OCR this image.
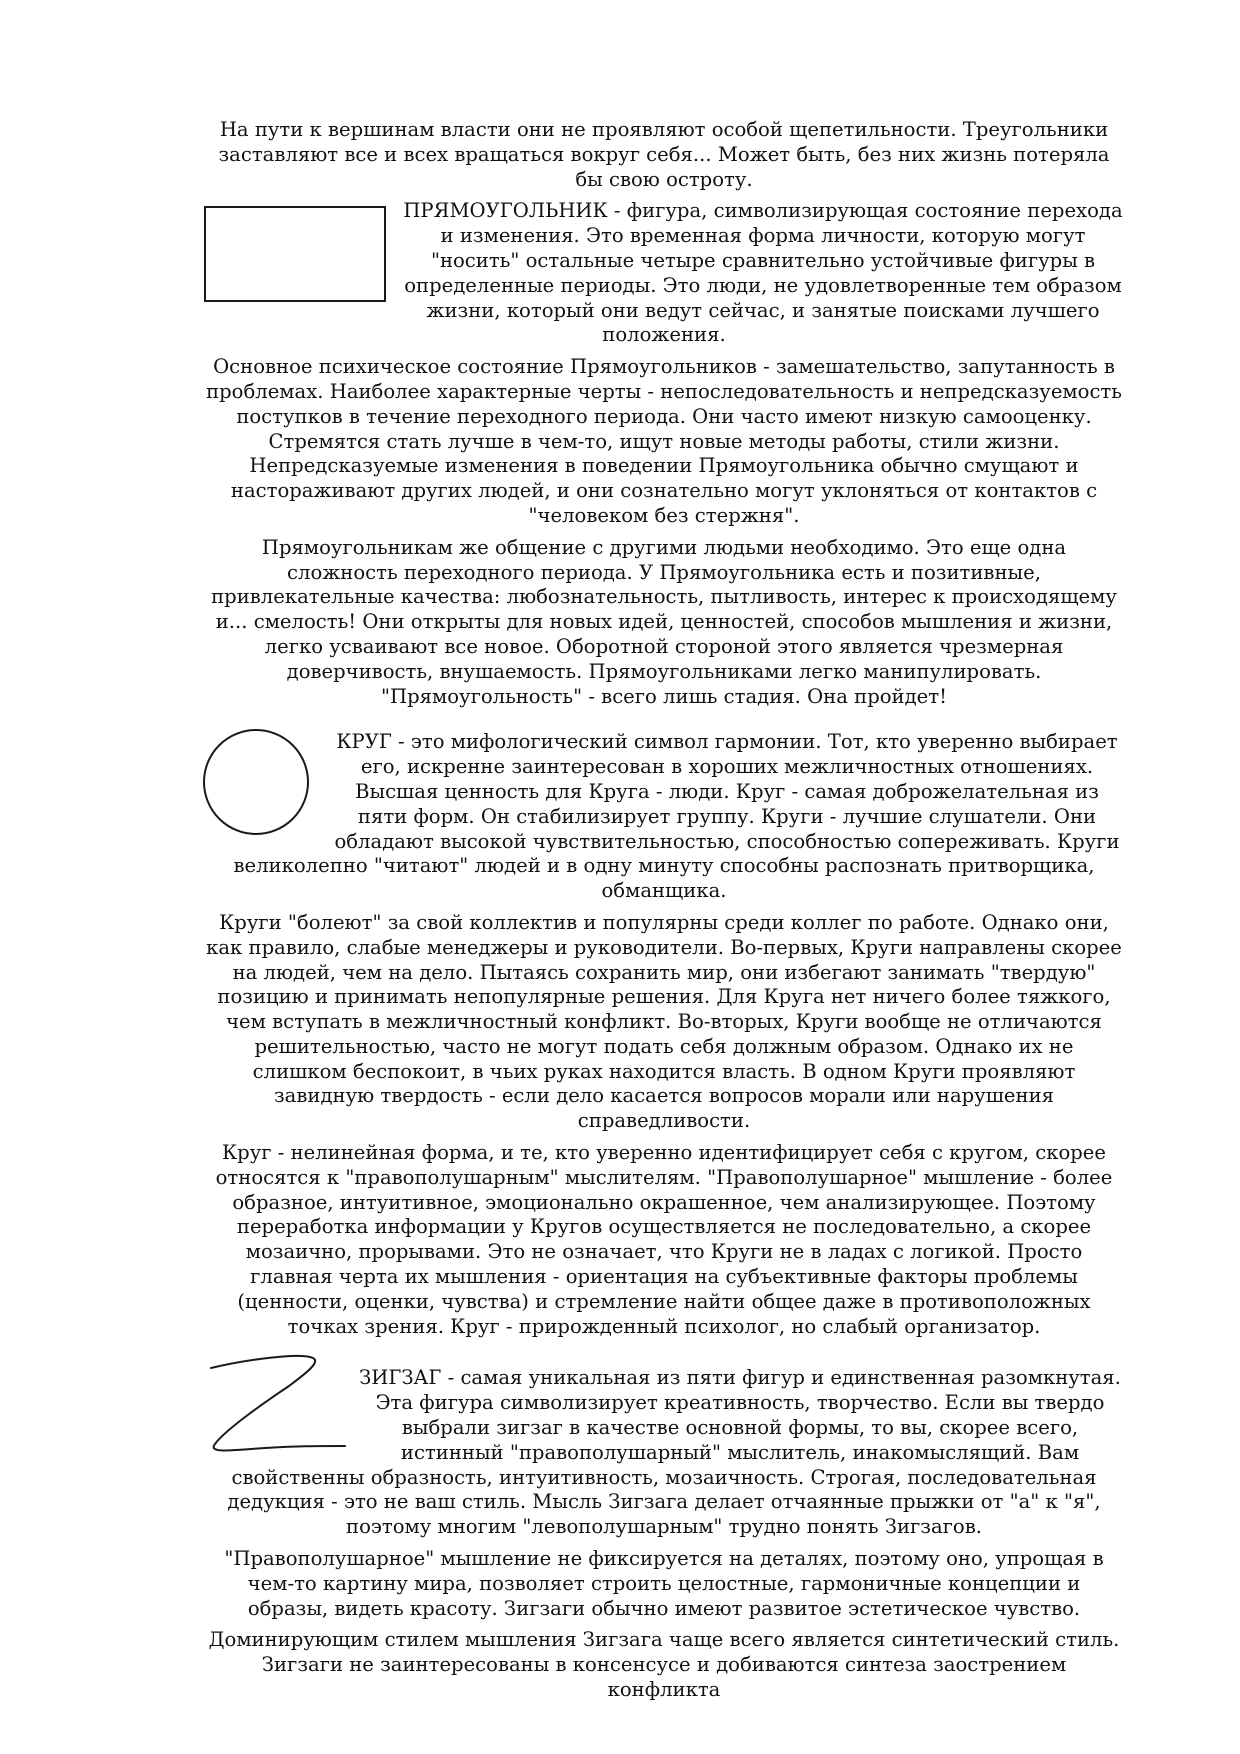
На пути к вершинам власти они не проявляют особой щепетильности. Треугольники заставляют все и всех вращаться вокруг себя... Может быть, без них жизнь потеряла бы свою остроту.

ПРЯМОУГОЛЬНИК - фигура, символизирующая состояние перехода и изменения. Это временная форма личности, которую могут "носить" остальные четыре сравнительно устойчивые фигуры в определенные периоды. Это люди, не удовлетворенные тем образом жизни, который они ведут сейчас, и занятые поисками лучшего положения.

Основное психическое состояние Прямоугольников - замешательство, запутанность в проблемах. Наиболее характерные черты - непоследовательность и непредсказуемость поступков в течение переходного периода. Они часто имеют низкую самооценку. Стремятся стать лучше в чем-то, ищут новые методы работы, стили жизни. Непредсказуемые изменения в поведении Прямоугольника обычно смущают и настораживают других людей, и они сознательно могут уклоняться от контактов с "человеком без стержня".

Прямоугольникам же общение с другими людьми необходимо. Это еще одна сложность переходного периода. У Прямоугольника есть и позитивные, привлекательные качества: любознательность, пытливость, интерес к происходящему и... смелость! Они открыты для новых идей, ценностей, способов мышления и жизни, легко усваивают все новое. Оборотной стороной этого является чрезмерная доверчивость, внушаемость. Прямоугольниками легко манипулировать. "Прямоугольность" - всего лишь стадия. Она пройдет!

КРУГ - это мифологический символ гармонии. Тот, кто уверенно выбирает его, искренне заинтересован в хороших межличностных отношениях. Высшая ценность для Круга - люди. Круг - самая доброжелательная из пяти форм. Он стабилизирует группу. Круги - лучшие слушатели. Они обладают высокой чувствительностью, способностью сопереживать. Круги великолепно "читают" людей и в одну минуту способны распознать притворщика, обманщика.

Круги "болеют" за свой коллектив и популярны среди коллег по работе. Однако они, как правило, слабые менеджеры и руководители. Во-первых, Круги направлены скорее на людей, чем на дело. Пытаясь сохранить мир, они избегают занимать "твердую" позицию и принимать непопулярные решения. Для Круга нет ничего более тяжкого, чем вступать в межличностный конфликт. Во-вторых, Круги вообще не отличаются решительностью, часто не могут подать себя должным образом. Однако их не слишком беспокоит, в чьих руках находится власть. В одном Круги проявляют завидную твердость - если дело касается вопросов морали или нарушения справедливости.

Круг - нелинейная форма, и те, кто уверенно идентифицирует себя с кругом, скорее относятся к "правополушарным" мыслителям. "Правополушарное" мышление - более образное, интуитивное, эмоционально окрашенное, чем анализирующее. Поэтому переработка информации у Кругов осуществляется не последовательно, а скорее мозаично, прорывами. Это не означает, что Круги не в ладах с логикой. Просто главная черта их мышления - ориентация на субъективные факторы проблемы (ценности, оценки, чувства) и стремление найти общее даже в противоположных точках зрения. Круг - прирожденный психолог, но слабый организатор.

ЗИГЗАГ - самая уникальная из пяти фигур и единственная разомкнутая. Эта фигура символизирует креативность, творчество. Если вы твердо выбрали зигзаг в качестве основной формы, то вы, скорее всего, истинный "правополушарный" мыслитель, инакомыслящий. Вам свойственны образность, интуитивность, мозаичность. Строгая, последовательная дедукция - это не ваш стиль. Мысль Зигзага делает отчаянные прыжки от "а" к "я", поэтому многим "левополушарным" трудно понять Зигзагов.

"Правополушарное" мышление не фиксируется на деталях, поэтому оно, упрощая в чем-то картину мира, позволяет строить целостные, гармоничные концепции и образы, видеть красоту. Зигзаги обычно имеют развитое эстетическое чувство.

Доминирующим стилем мышления Зигзага чаще всего является синтетический стиль. Зигзаги не заинтересованы в консенсусе и добиваются синтеза заострением конфликта
